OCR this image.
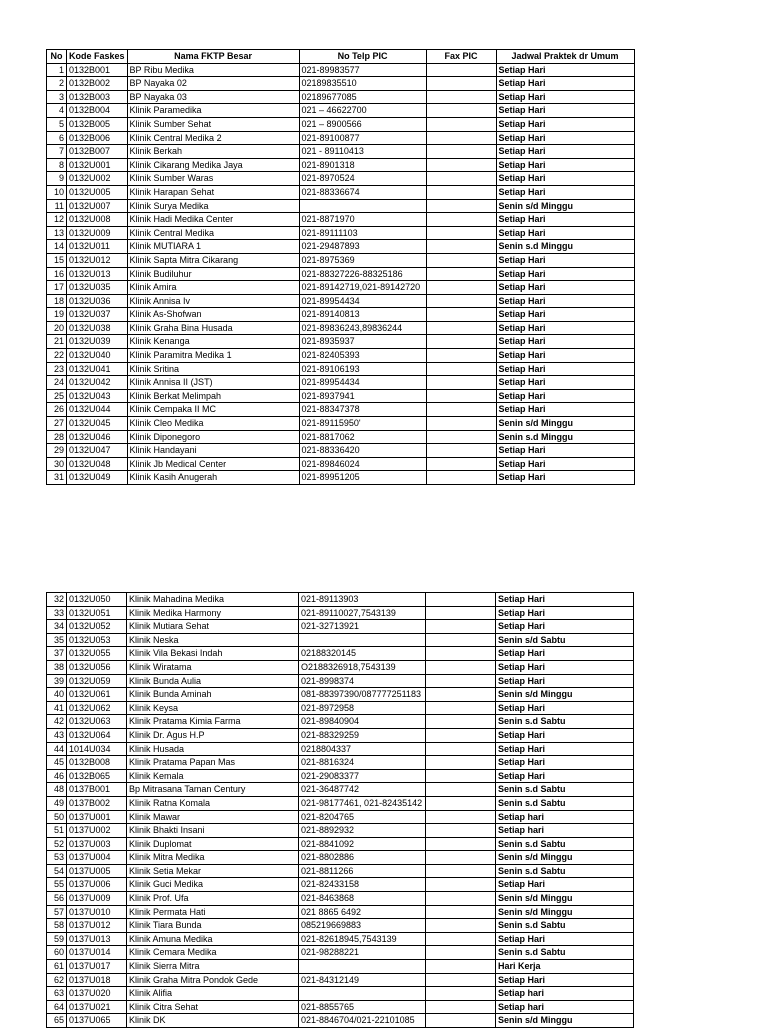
No	Kode Faskes	Nama FKTP Besar	No Telp PIC	Fax PIC	Jadwal Praktek dr Umum
1	0132B001	BP Ribu Medika	021-89983577		Setiap Hari
2	0132B002	BP Nayaka 02	02189835510		Setiap Hari
3	0132B003	BP Nayaka 03	02189677085		Setiap Hari
4	0132B004	Klinik Paramedika	021 – 46622700		Setiap Hari
5	0132B005	Klinik Sumber Sehat	021 – 8900566		Setiap Hari
6	0132B006	Klinik Central Medika 2	021-89100877		Setiap Hari
7	0132B007	Klinik Berkah	021 - 89110413		Setiap Hari
8	0132U001	Klinik Cikarang Medika Jaya	021-8901318		Setiap Hari
9	0132U002	Klinik Sumber Waras	021-8970524		Setiap Hari
10	0132U005	Klinik Harapan Sehat	021-88336674		Setiap Hari
11	0132U007	Klinik Surya Medika			Senin s/d Minggu
12	0132U008	Klinik Hadi Medika Center	021-8871970		Setiap Hari
13	0132U009	Klinik Central Medika	021-89111103		Setiap Hari
14	0132U011	Klinik MUTIARA 1	021-29487893		Senin s.d Minggu
15	0132U012	Klinik Sapta Mitra Cikarang	021-8975369		Setiap Hari
16	0132U013	Klinik Budiluhur	021-88327226-88325186		Setiap Hari
17	0132U035	Klinik Amira	021-89142719,021-89142720		Setiap Hari
18	0132U036	Klinik Annisa Iv	021-89954434		Setiap Hari
19	0132U037	Klinik As-Shofwan	021-89140813		Setiap Hari
20	0132U038	Klinik Graha Bina Husada	021-89836243,89836244		Setiap Hari
21	0132U039	Klinik Kenanga	021-8935937		Setiap Hari
22	0132U040	Klinik Paramitra Medika 1	021-82405393		Setiap Hari
23	0132U041	Klinik Sritina	021-89106193		Setiap Hari
24	0132U042	Klinik Annisa II (JST)	021-89954434		Setiap Hari
25	0132U043	Klinik Berkat Melimpah	021-8937941		Setiap Hari
26	0132U044	Klinik Cempaka II MC	021-88347378		Setiap Hari
27	0132U045	Klinik Cleo Medika	021-89115950'		Senin s/d Minggu
28	0132U046	Klinik Diponegoro	021-8817062		Senin s.d Minggu
29	0132U047	Klinik Handayani	021-88336420		Setiap Hari
30	0132U048	Klinik Jb Medical Center	021-89846024		Setiap Hari
31	0132U049	Klinik Kasih Anugerah	021-89951205		Setiap Hari
32	0132U050	Klinik Mahadina Medika	021-89113903		Setiap Hari
33	0132U051	Klinik Medika Harmony	021-89110027,7543139		Setiap Hari
34	0132U052	Klinik Mutiara Sehat	021-32713921		Setiap Hari
35	0132U053	Klinik Neska			Senin s/d Sabtu
37	0132U055	Klinik Vila Bekasi Indah	02188320145		Setiap Hari
38	0132U056	Klinik Wiratama	O2188326918,7543139		Setiap Hari
39	0132U059	Klinik Bunda Aulia	021-8998374		Setiap Hari
40	0132U061	Klinik Bunda Aminah	081-88397390/087777251183		Senin s/d Minggu
41	0132U062	Klinik Keysa	021-8972958		Setiap Hari
42	0132U063	Klinik Pratama Kimia Farma	021-89840904		Senin s.d Sabtu
43	0132U064	Klinik Dr. Agus H.P	021-88329259		Setiap Hari
44	1014U034	Klinik Husada	0218804337		Setiap Hari
45	0132B008	Klinik Pratama Papan Mas	021-8816324		Setiap Hari
46	0132B065	Klinik Kemala	021-29083377		Setiap Hari
48	0137B001	Bp Mitrasana Taman Century	021-36487742		Senin s.d Sabtu
49	0137B002	Klinik Ratna Komala	021-98177461, 021-82435142		Senin s.d Sabtu
50	0137U001	Klinik Mawar	021-8204765		Setiap hari
51	0137U002	Klinik Bhakti Insani	021-8892932		Setiap hari
52	0137U003	Klinik Duplomat	021-8841092		Senin s.d Sabtu
53	0137U004	Klinik Mitra Medika	021-8802886		Senin s/d Minggu
54	0137U005	Klinik Setia Mekar	021-8811266		Senin s.d Sabtu
55	0137U006	Klinik Guci Medika	021-82433158		Setiap Hari
56	0137U009	Klinik Prof. Ufa	021-8463868		Senin s/d Minggu
57	0137U010	Klinik Permata Hati	021 8865 6492		Senin s/d Minggu
58	0137U012	Klinik Tiara Bunda	085219669883		Senin s.d Sabtu
59	0137U013	Klinik Amuna Medika	021-82618945,7543139		Setiap Hari
60	0137U014	Klinik Cemara Medika	021-98288221		Senin s.d Sabtu
61	0137U017	Klinik Sierra Mitra			Hari Kerja
62	0137U018	Klinik Graha Mitra Pondok Gede	021-84312149		Setiap Hari
63	0137U020	Klinik Alifia			Setiap hari
64	0137U021	Klinik Citra Sehat	021-8855765		Setiap hari
65	0137U065	Klinik DK	021-8846704/021-22101085		Senin s/d Minggu
